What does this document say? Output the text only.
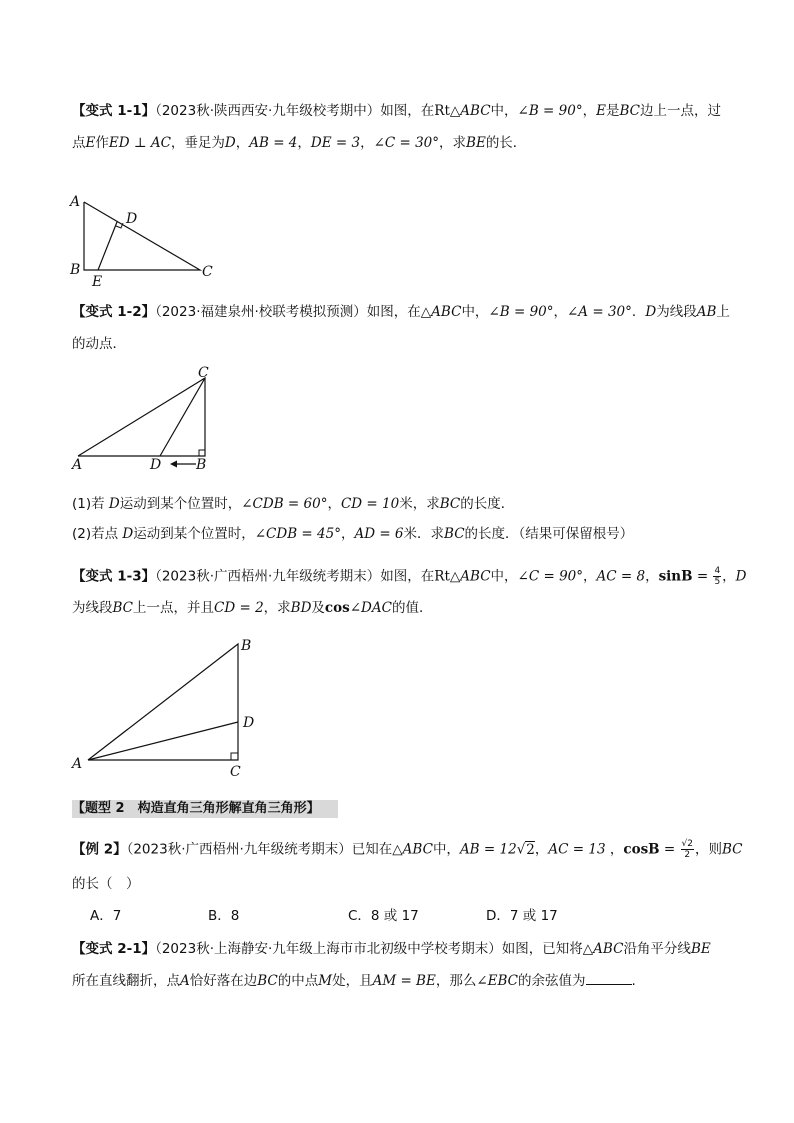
【变式 1-1】（2023秋·陕西西安·九年级校考期中）如图，在Rt△ABC中，∠B = 90°，E是BC边上一点，过
点E作ED ⊥ AC，垂足为D，AB = 4，DE = 3，∠C = 30°，求BE的长．
A
B	C
D
E
【变式 1-2】（2023·福建泉州·校联考模拟预测）如图，在△ABC中，∠B = 90°，∠A = 30°．D为线段AB上
的动点．
A	D B
C
(1)若 D运动到某个位置时，∠CDB = 60°，CD = 10米，求BC的长度．
(2)若点 D运动到某个位置时，∠CDB = 45°，AD = 6米．求BC的长度．（结果可保留根号）
【变式 1-3】（2023秋·广西梧州·九年级统考期末）如图，在Rt△ABC中，∠C = 90°，AC = 8，$\sin B = \frac{4}{5}$ ，D
为线段BC上一点，并且CD = 2，求BD及cos∠DAC的值．
A
B
C
D
【题型 2　构造直角三角形解直角三角形】
【例 2】（2023秋·广西梧州·九年级统考期末）已知在△ABC中，AB = 12√2，AC = 13 ，$\cos B = \frac{√2}{2}$ ，则BC
的长（　）
A．7	B．8	C．8 或 17	D．7 或 17
【变式 2-1】（2023秋·上海静安·九年级上海市市北初级中学校考期末）如图，已知将△ABC沿角平分线BE
所在直线翻折，点A恰好落在边BC的中点M处，且AM = BE，那么∠EBC的余弦值为	.
